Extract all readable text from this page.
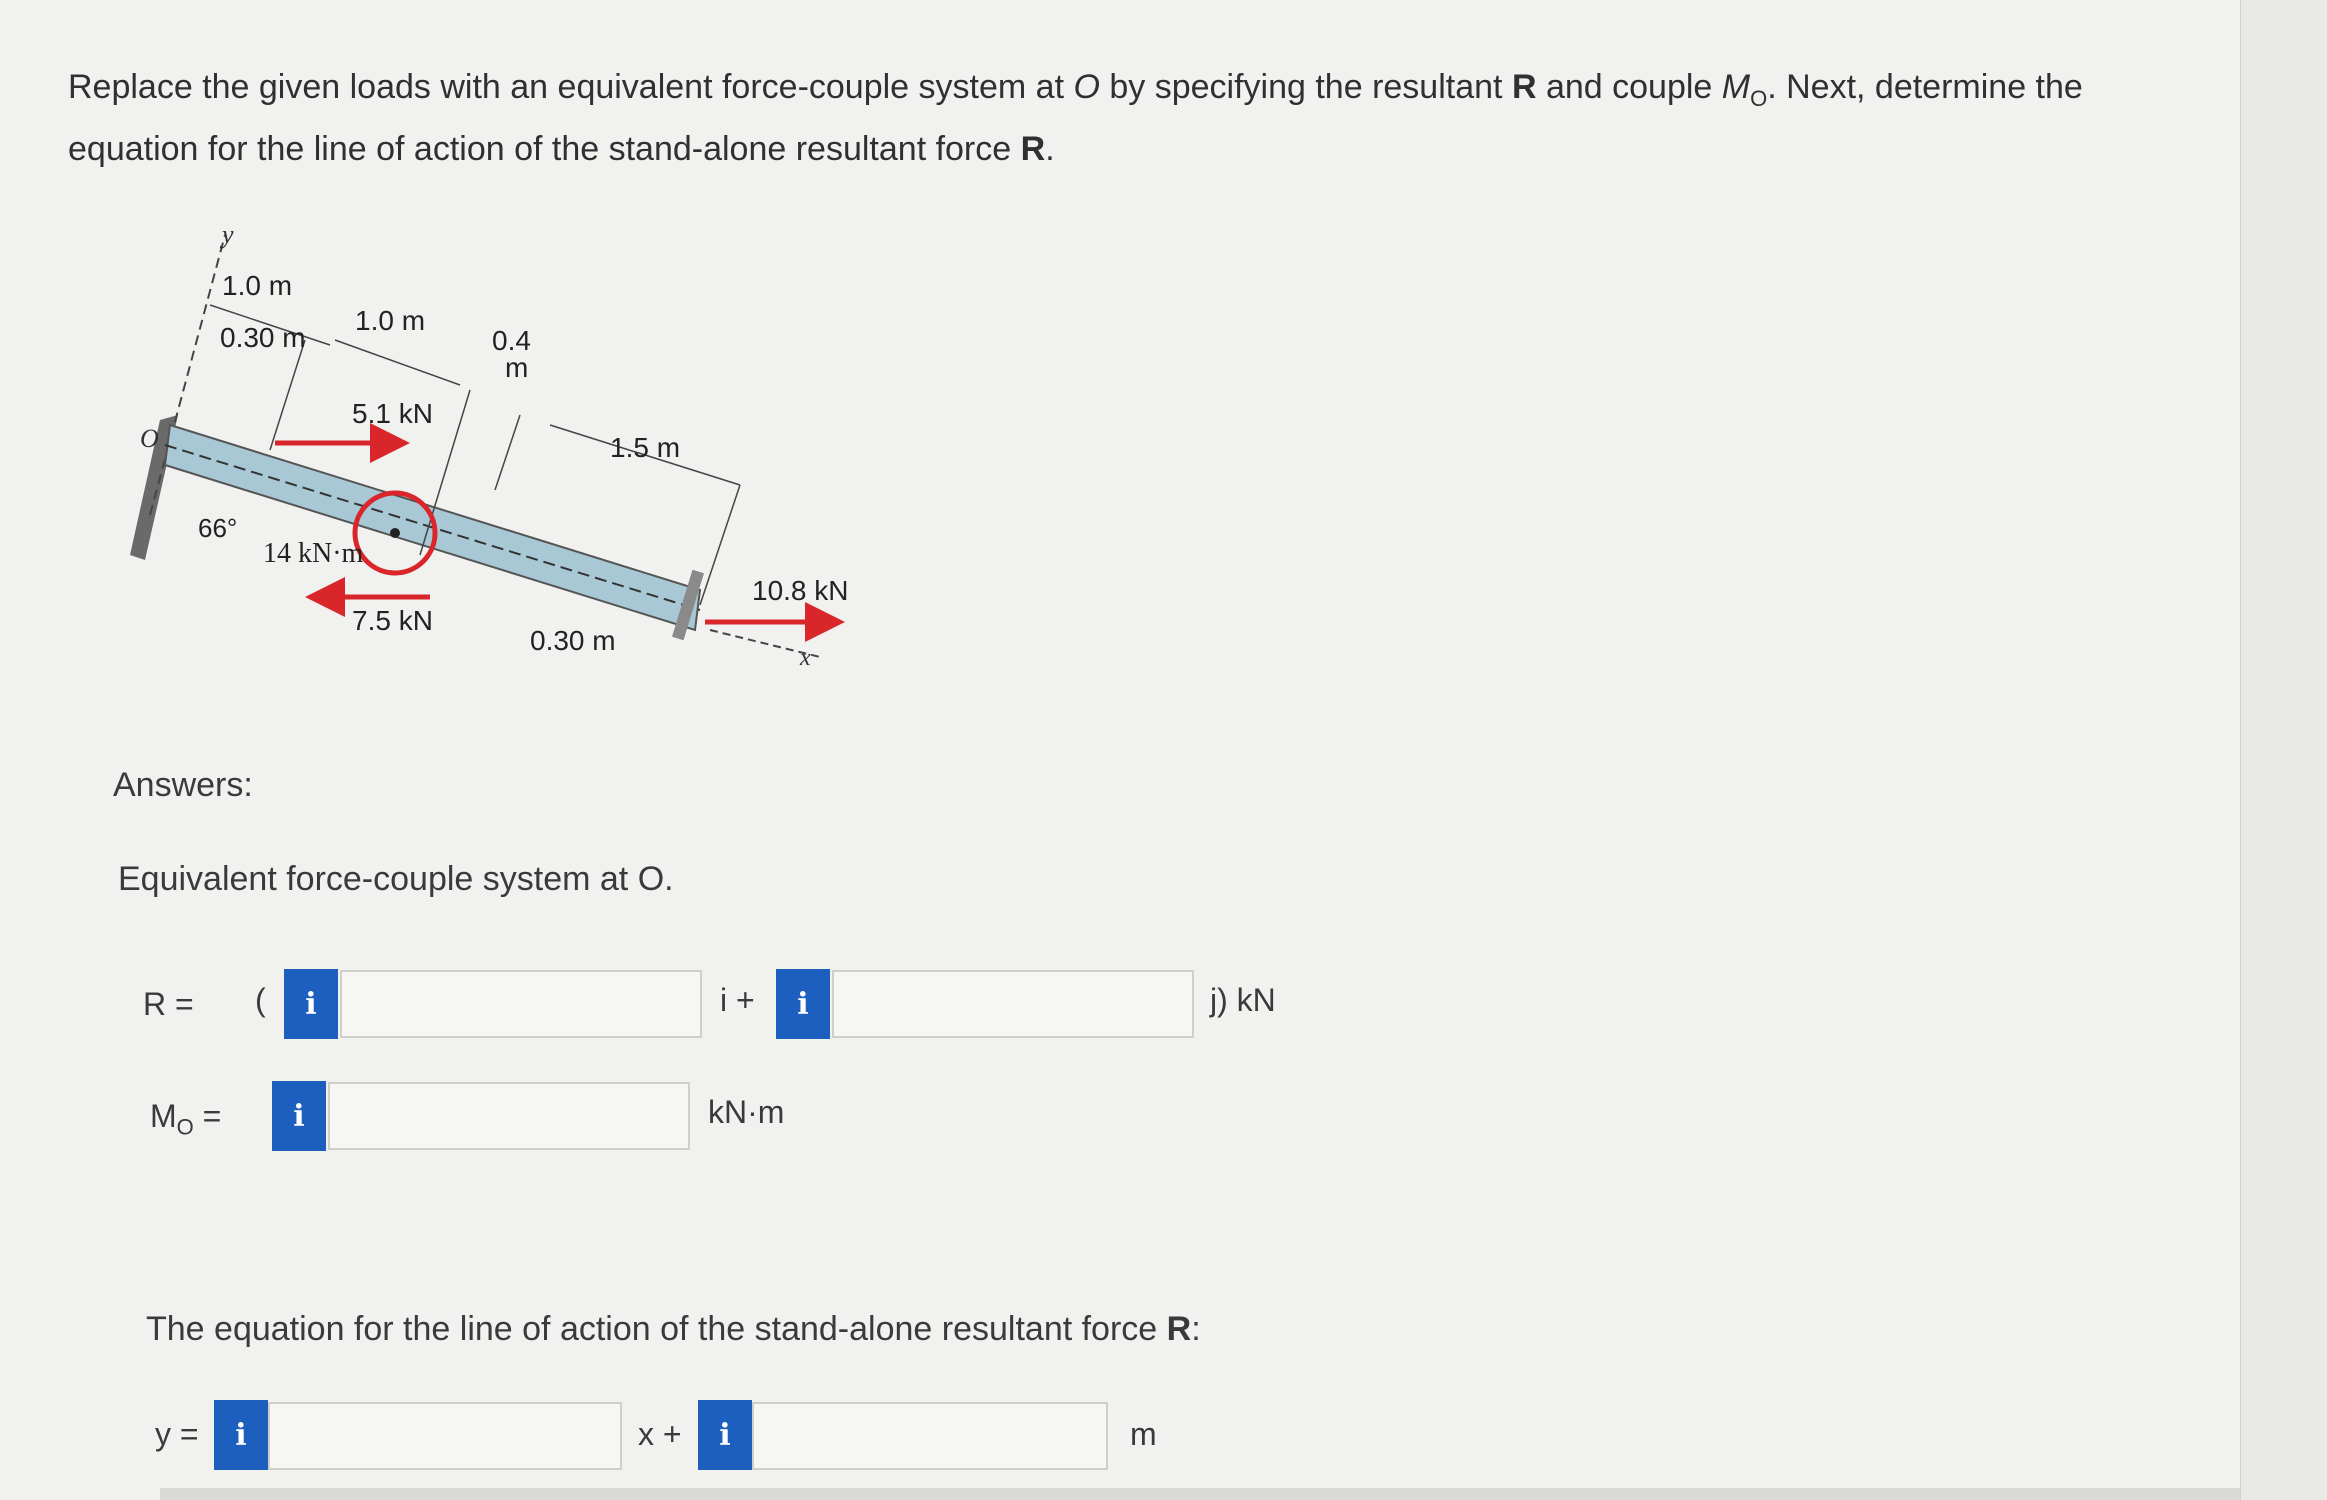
Replace the given loads with an equivalent force-couple system at O by specifying the resultant R and couple $M_O$. Next, determine the equation for the line of action of the stand-alone resultant force R.
y
O
1.0 m
1.0 m
0.30 m	0.4
m
1.5 m
0.30 m
66°
5.1 kN
14 kN·m
7.5 kN
10.8 kN
x
Answers:
Equivalent force-couple system at O.
R = ( i	i + i	j) kN
$M_O = i$	kN·m
The equation for the line of action of the stand-alone resultant force R:
y = i	x + i	m
